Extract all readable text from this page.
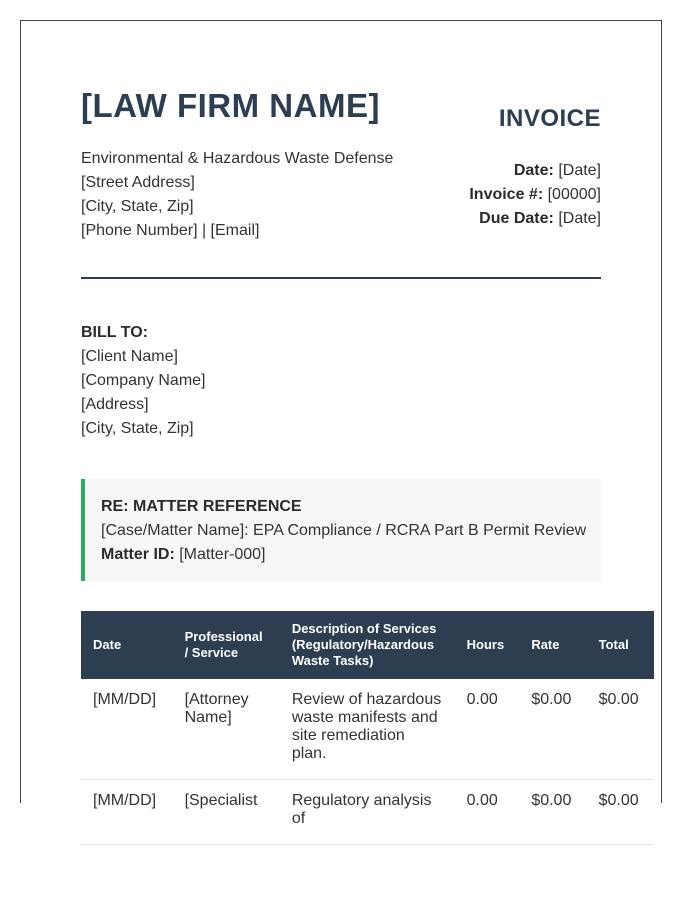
[LAW FIRM NAME]
Environmental & Hazardous Waste Defense
[Street Address]
[City, State, Zip]
[Phone Number] | [Email]
INVOICE
Date: [Date]
Invoice #: [00000]
Due Date: [Date]
BILL TO:
[Client Name]
[Company Name]
[Address]
[City, State, Zip]
RE: MATTER REFERENCE
[Case/Matter Name]: EPA Compliance / RCRA Part B Permit Review
Matter ID: [Matter-000]
Date	Professional / Service	Description of Services (Regulatory/Hazardous Waste Tasks)	Hours	Rate	Total
[MM/DD]	[Attorney Name]	Review of hazardous waste manifests and site remediation plan.	0.00	$0.00	$0.00
[MM/DD]	[Specialist	Regulatory analysis of	0.00	$0.00	$0.00
